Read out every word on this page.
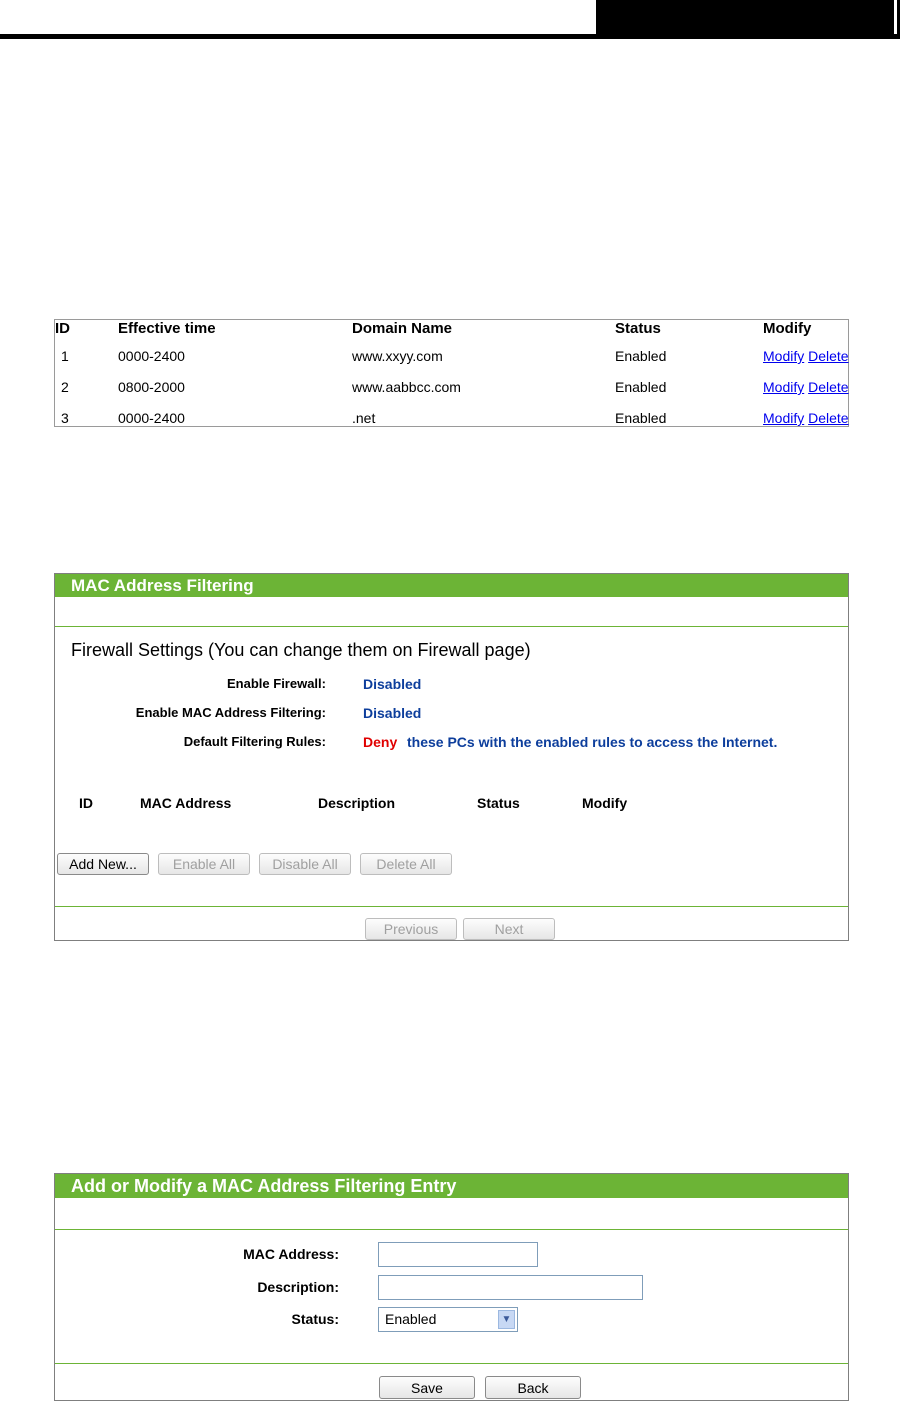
ID	Effective time	Domain Name	Status	Modify
1	0000-2400	www.xxyy.com	Enabled	Modify Delete
2	0800-2000	www.aabbcc.com	Enabled	Modify Delete
3	0000-2400	.net	Enabled	Modify Delete
MAC Address Filtering
Firewall Settings (You can change them on Firewall page)
Enable Firewall:	Disabled
Enable MAC Address Filtering:	Disabled
Default Filtering Rules:	Deny these PCs with the enabled rules to access the Internet.
ID	MAC Address	Description	Status	Modify
Add New...	Enable All	Disable All	Delete All
Previous	Next
Add or Modify a MAC Address Filtering Entry
MAC Address:
Description:
Status:	Enabled	▼
Save	Back
